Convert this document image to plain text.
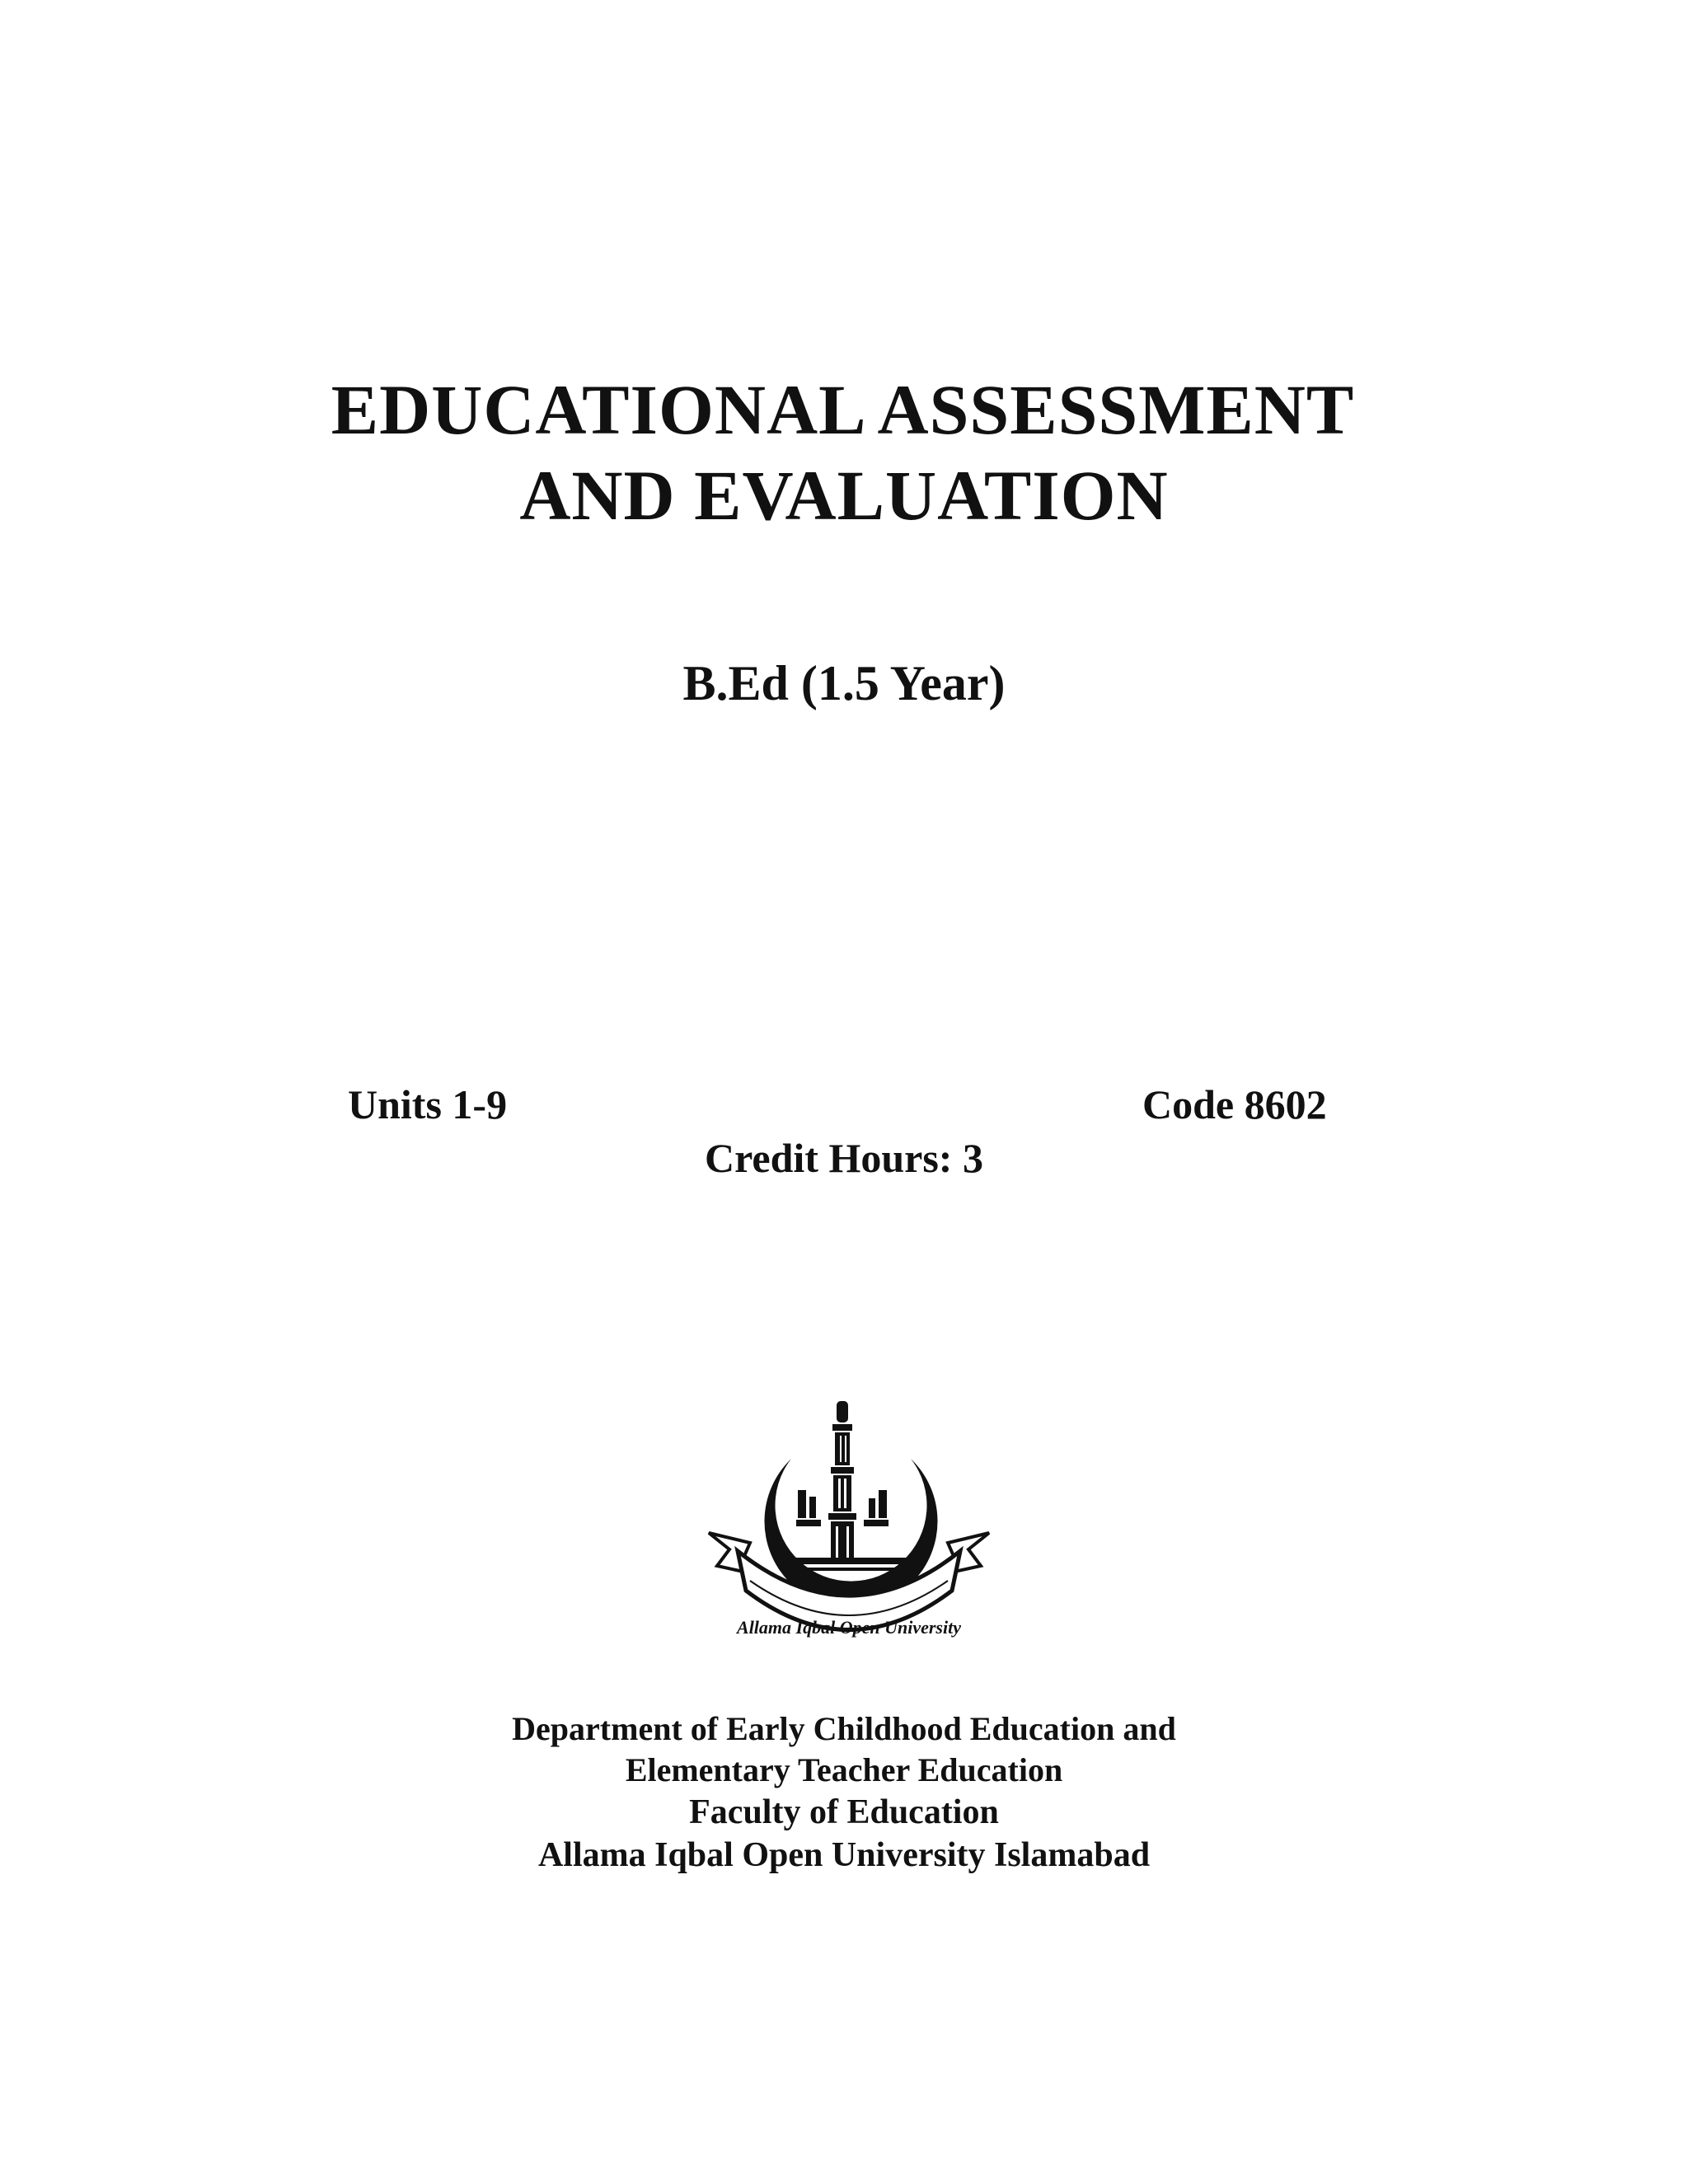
EDUCATIONAL ASSESSMENT
AND EVALUATION
B.Ed (1.5 Year)
Units 1-9	Code 8602
Credit Hours: 3
Allama Iqbal Open University
Department of Early Childhood Education and
Elementary Teacher Education
Faculty of Education
Allama Iqbal Open University Islamabad
